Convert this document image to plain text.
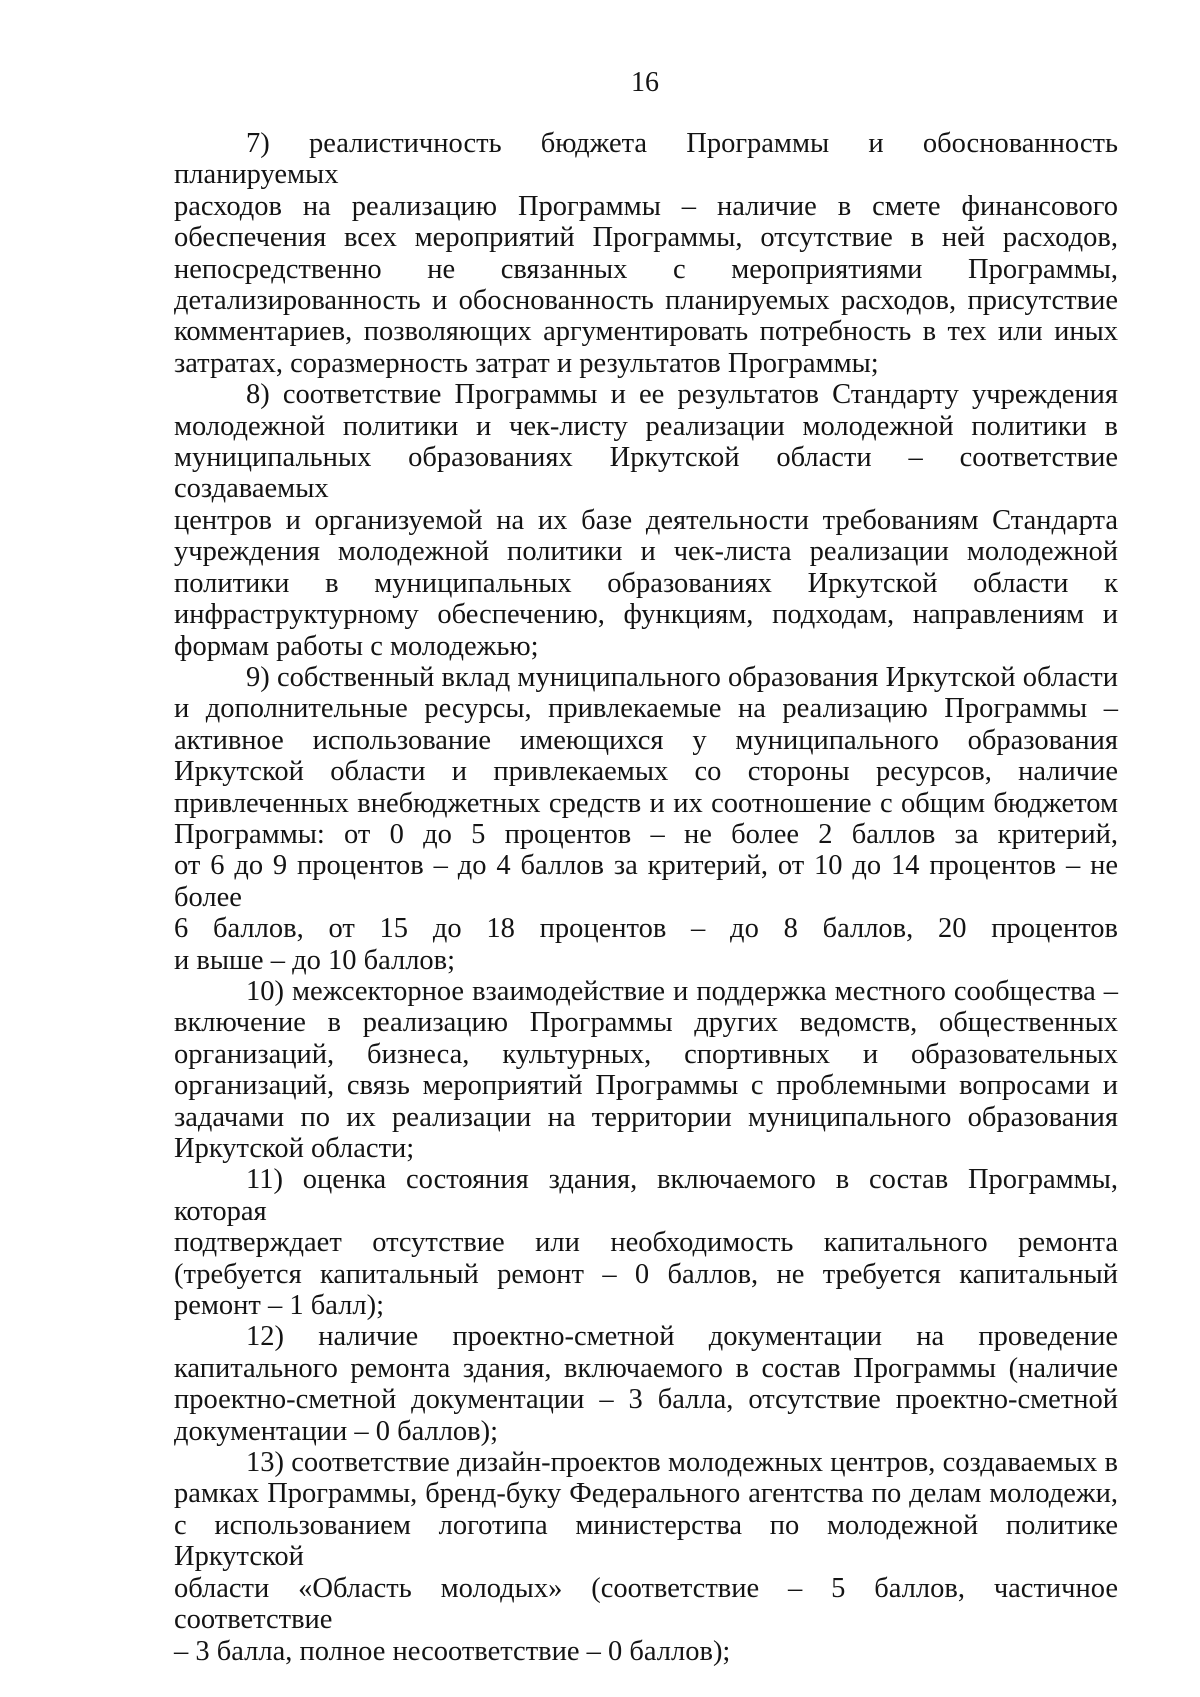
16

7) реалистичность бюджета Программы и обоснованность планируемых
расходов на реализацию Программы – наличие в смете финансового
обеспечения всех мероприятий Программы, отсутствие в ней расходов,
непосредственно не связанных с мероприятиями Программы,
детализированность и обоснованность планируемых расходов, присутствие
комментариев, позволяющих аргументировать потребность в тех или иных
затратах, соразмерность затрат и результатов Программы;

8) соответствие Программы и ее результатов Стандарту учреждения
молодежной политики и чек-листу реализации молодежной политики в
муниципальных образованиях Иркутской области – соответствие создаваемых
центров и организуемой на их базе деятельности требованиям Стандарта
учреждения молодежной политики и чек-листа реализации молодежной
политики в муниципальных образованиях Иркутской области к
инфраструктурному обеспечению, функциям, подходам, направлениям и
формам работы с молодежью;

9) собственный вклад муниципального образования Иркутской области
и дополнительные ресурсы, привлекаемые на реализацию Программы –
активное использование имеющихся у муниципального образования
Иркутской области и привлекаемых со стороны ресурсов, наличие
привлеченных внебюджетных средств и их соотношение с общим бюджетом
Программы: от 0 до 5 процентов – не более 2 баллов за критерий,
от 6 до 9 процентов – до 4 баллов за критерий, от 10 до 14 процентов – не более
6 баллов, от 15 до 18 процентов – до 8 баллов, 20 процентов
и выше – до 10 баллов;

10) межсекторное взаимодействие и поддержка местного сообщества –
включение в реализацию Программы других ведомств, общественных
организаций, бизнеса, культурных, спортивных и образовательных
организаций, связь мероприятий Программы с проблемными вопросами и
задачами по их реализации на территории муниципального образования
Иркутской области;

11) оценка состояния здания, включаемого в состав Программы, которая
подтверждает отсутствие или необходимость капитального ремонта
(требуется капитальный ремонт – 0 баллов, не требуется капитальный
ремонт – 1 балл);

12) наличие проектно-сметной документации на проведение
капитального ремонта здания, включаемого в состав Программы (наличие
проектно-сметной документации – 3 балла, отсутствие проектно-сметной
документации – 0 баллов);

13) соответствие дизайн-проектов молодежных центров, создаваемых в
рамках Программы, бренд-буку Федерального агентства по делам молодежи,
с использованием логотипа министерства по молодежной политике Иркутской
области «Область молодых» (соответствие – 5 баллов, частичное соответствие
– 3 балла, полное несоответствие – 0 баллов);
